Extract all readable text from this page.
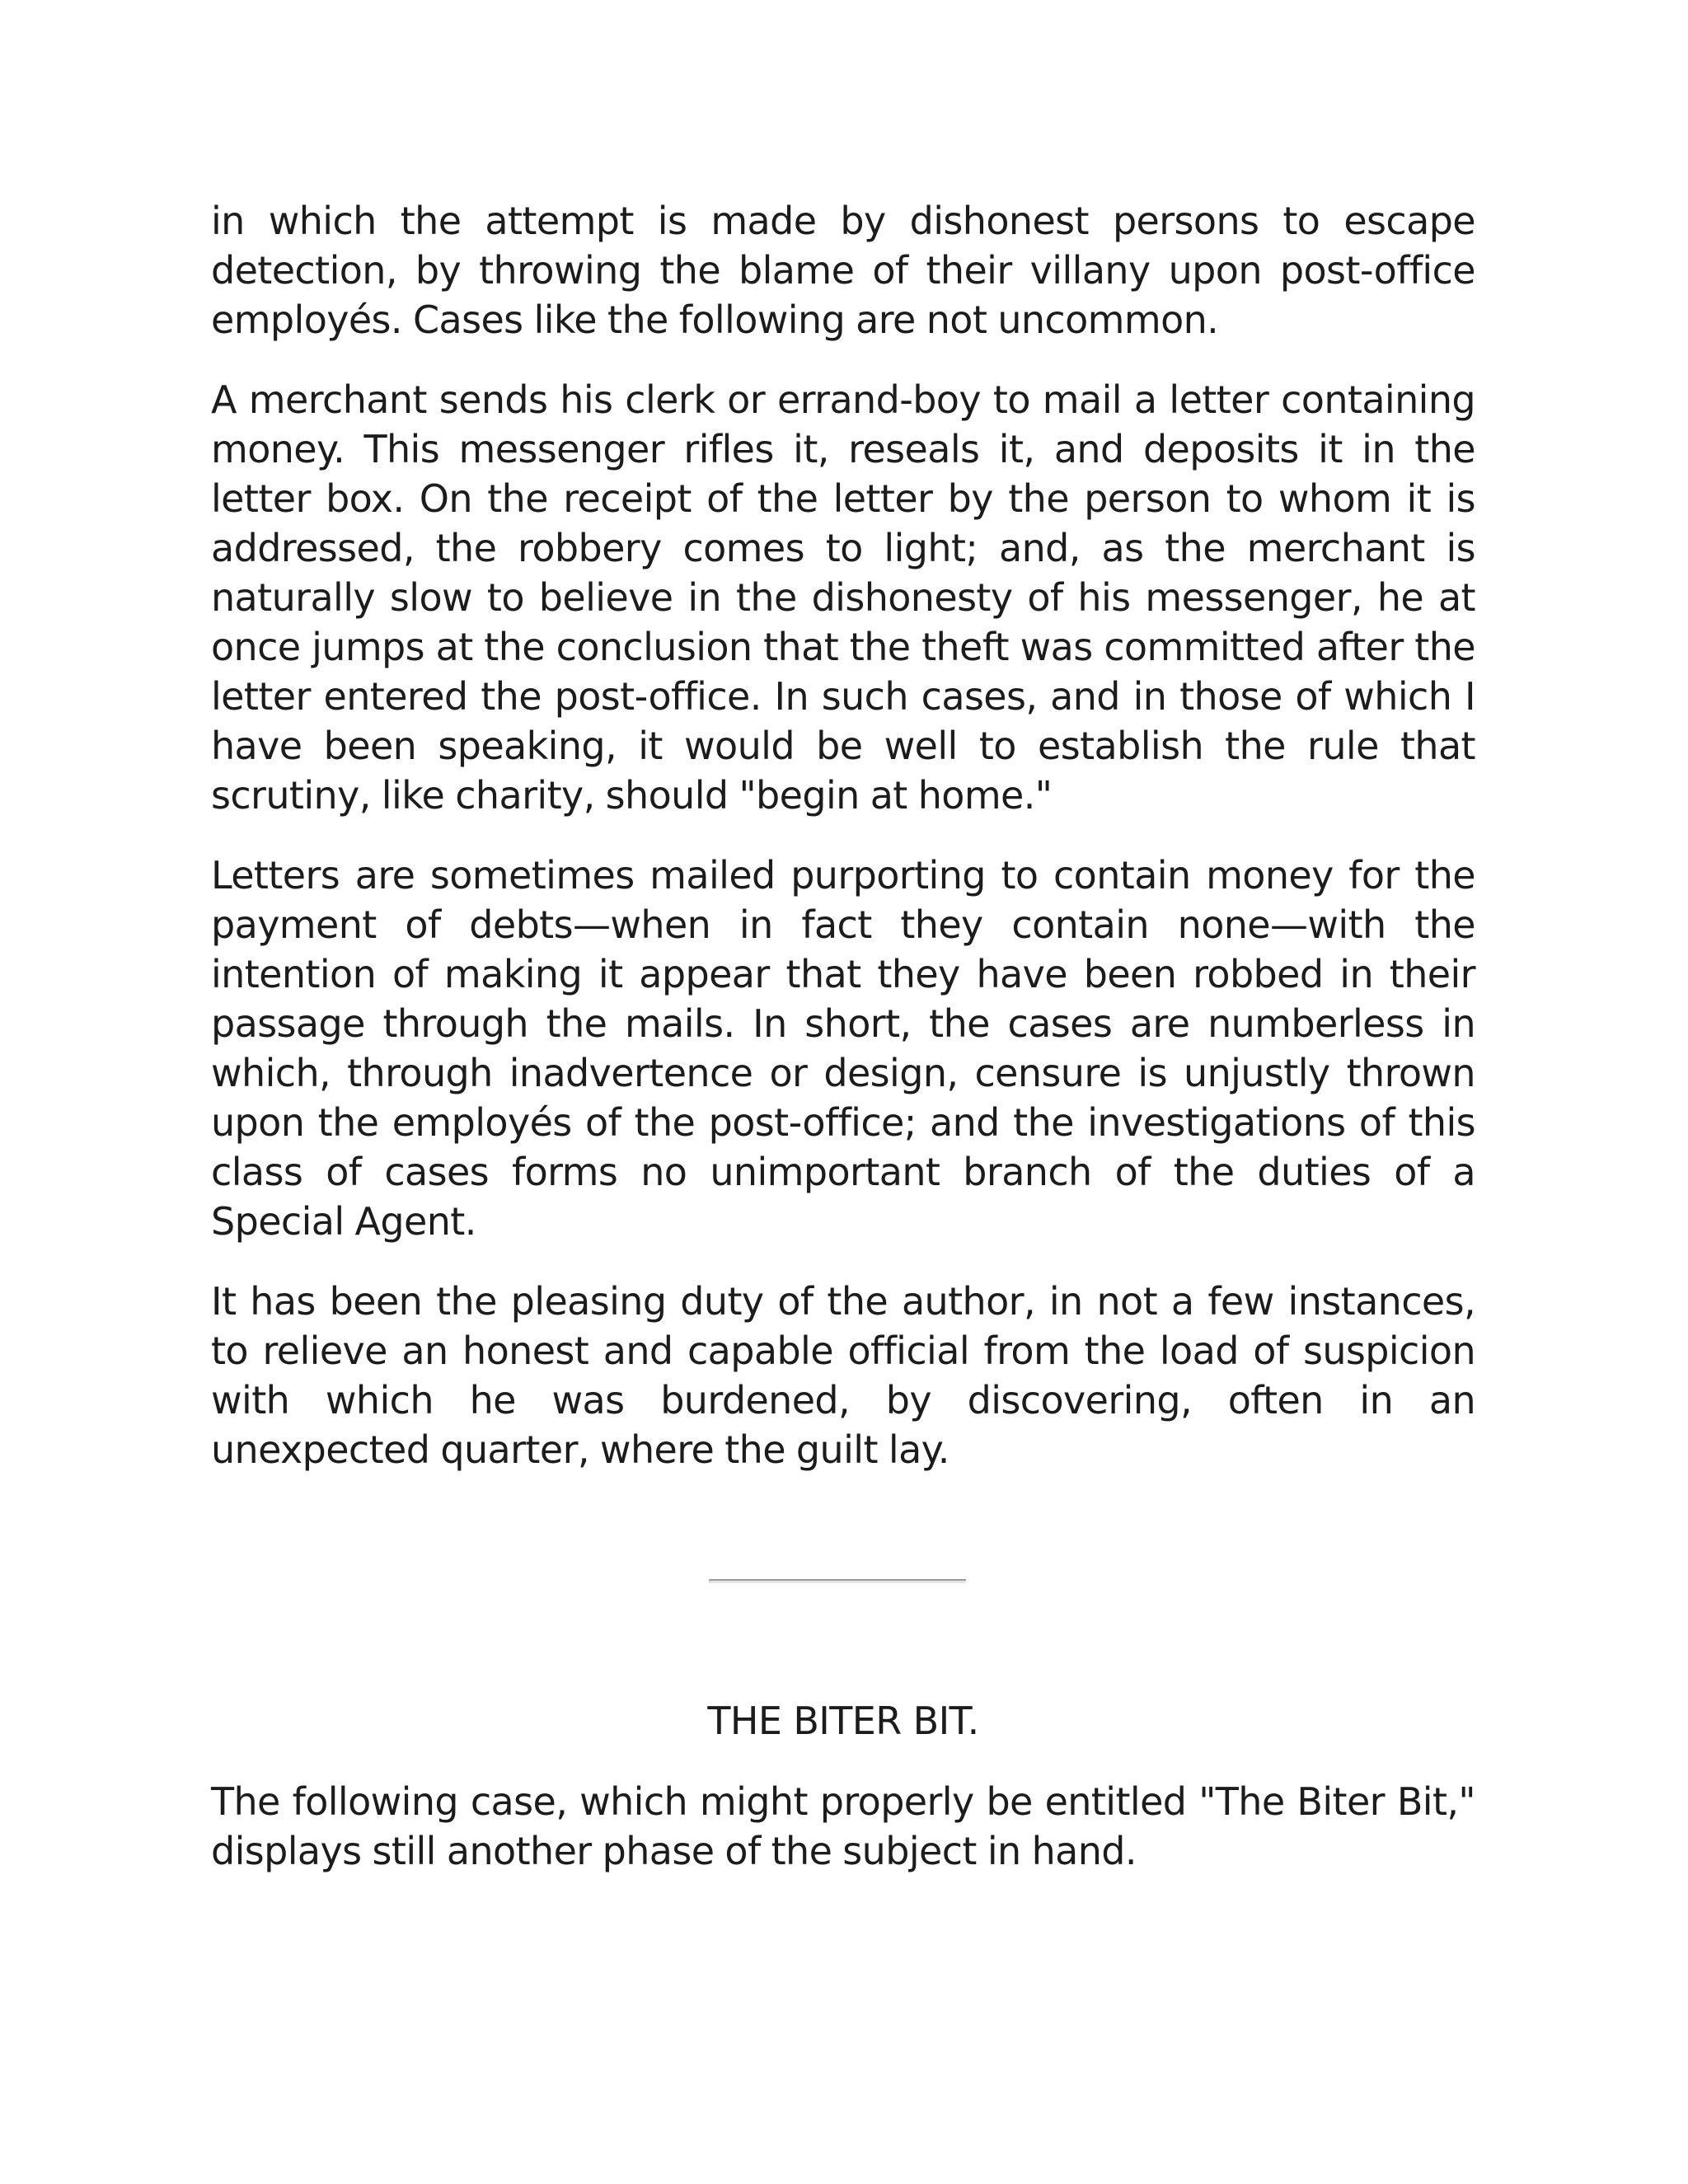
in which the attempt is made by dishonest persons to escape detection, by throwing the blame of their villany upon post-office employés. Cases like the following are not uncommon.

A merchant sends his clerk or errand-boy to mail a letter containing money. This messenger rifles it, reseals it, and deposits it in the letter box. On the receipt of the letter by the person to whom it is addressed, the robbery comes to light; and, as the merchant is naturally slow to believe in the dishonesty of his messenger, he at once jumps at the conclusion that the theft was committed after the letter entered the post-office. In such cases, and in those of which I have been speaking, it would be well to establish the rule that scrutiny, like charity, should "begin at home."

Letters are sometimes mailed purporting to contain money for the payment of debts—when in fact they contain none—with the intention of making it appear that they have been robbed in their passage through the mails. In short, the cases are numberless in which, through inadvertence or design, censure is unjustly thrown upon the employés of the post-office; and the investigations of this class of cases forms no unimportant branch of the duties of a Special Agent.

It has been the pleasing duty of the author, in not a few instances, to relieve an honest and capable official from the load of suspicion with which he was burdened, by discovering, often in an unexpected quarter, where the guilt lay.

THE BITER BIT.

The following case, which might properly be entitled "The Biter Bit," displays still another phase of the subject in hand.
